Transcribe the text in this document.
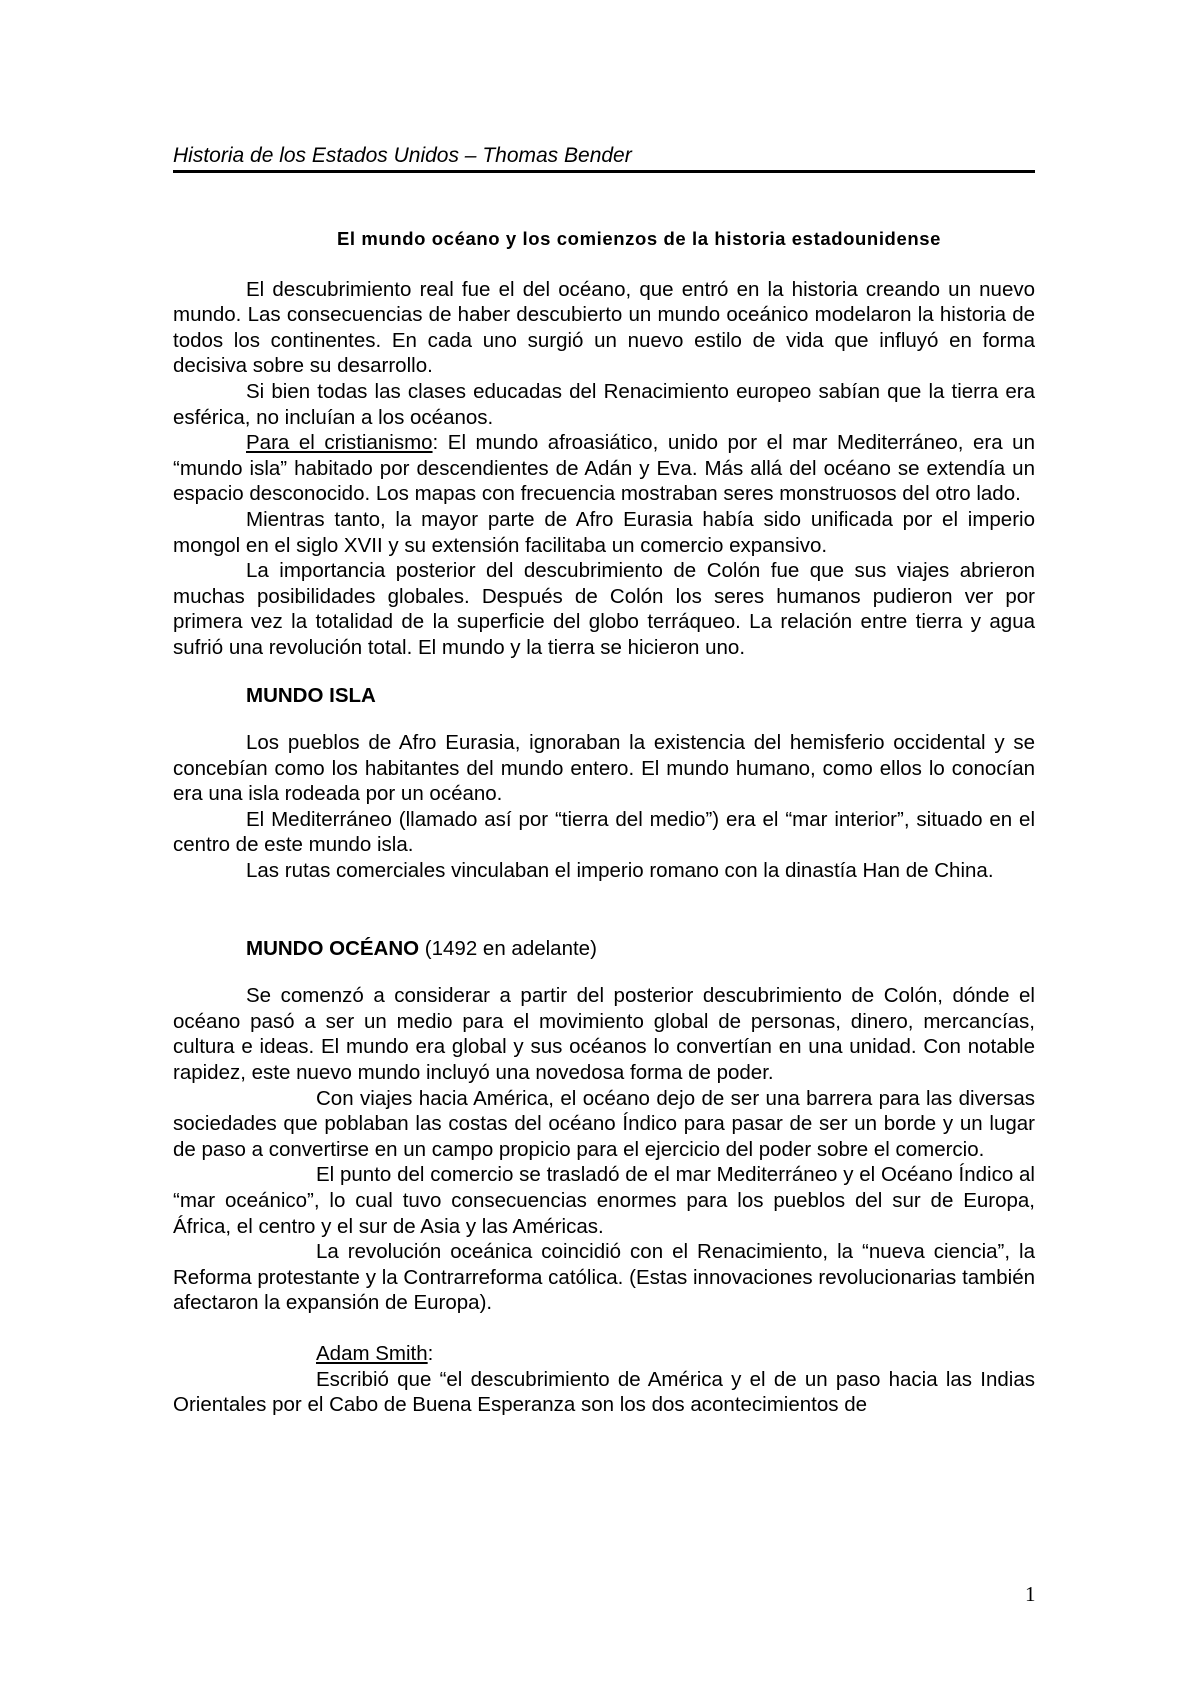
Historia de los Estados Unidos – Thomas Bender
El mundo océano y los comienzos de la historia estadounidense

El descubrimiento real fue el del océano, que entró en la historia creando un nuevo mundo. Las consecuencias de haber descubierto un mundo oceánico modelaron la historia de todos los continentes. En cada uno surgió un nuevo estilo de vida que influyó en forma decisiva sobre su desarrollo.

Si bien todas las clases educadas del Renacimiento europeo sabían que la tierra era esférica, no incluían a los océanos.

Para el cristianismo: El mundo afroasiático, unido por el mar Mediterráneo, era un “mundo isla” habitado por descendientes de Adán y Eva. Más allá del océano se extendía un espacio desconocido. Los mapas con frecuencia mostraban seres monstruosos del otro lado.

Mientras tanto, la mayor parte de Afro Eurasia había sido unificada por el imperio mongol en el siglo XVII y su extensión facilitaba un comercio expansivo.

La importancia posterior del descubrimiento de Colón fue que sus viajes abrieron muchas posibilidades globales. Después de Colón los seres humanos pudieron ver por primera vez la totalidad de la superficie del globo terráqueo. La relación entre tierra y agua sufrió una revolución total. El mundo y la tierra se hicieron uno.

MUNDO ISLA

Los pueblos de Afro Eurasia, ignoraban la existencia del hemisferio occidental y se concebían como los habitantes del mundo entero. El mundo humano, como ellos lo conocían era una isla rodeada por un océano.

El Mediterráneo (llamado así por “tierra del medio”) era el “mar interior”, situado en el centro de este mundo isla.

Las rutas comerciales vinculaban el imperio romano con la dinastía Han de China.

MUNDO OCÉANO (1492 en adelante)

Se comenzó a considerar a partir del posterior descubrimiento de Colón, dónde el océano pasó a ser un medio para el movimiento global de personas, dinero, mercancías, cultura e ideas. El mundo era global y sus océanos lo convertían en una unidad. Con notable rapidez, este nuevo mundo incluyó una novedosa forma de poder.

Con viajes hacia América, el océano dejo de ser una barrera para las diversas sociedades que poblaban las costas del océano Índico para pasar de ser un borde y un lugar de paso a convertirse en un campo propicio para el ejercicio del poder sobre el comercio.

El punto del comercio se trasladó de el mar Mediterráneo y el Océano Índico al “mar oceánico”, lo cual tuvo consecuencias enormes para los pueblos del sur de Europa, África, el centro y el sur de Asia y las Américas.

La revolución oceánica coincidió con el Renacimiento, la “nueva ciencia”, la Reforma protestante y la Contrarreforma católica. (Estas innovaciones revolucionarias también afectaron la expansión de Europa).

Adam Smith:

Escribió que “el descubrimiento de América y el de un paso hacia las Indias Orientales por el Cabo de Buena Esperanza son los dos acontecimientos de

1
